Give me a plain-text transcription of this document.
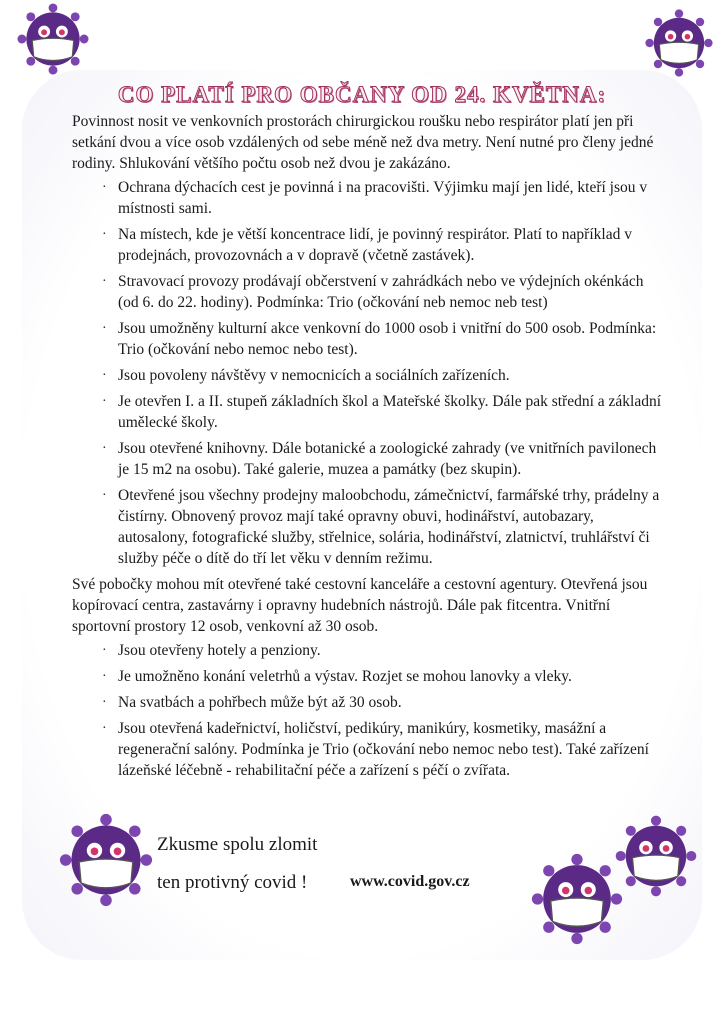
CO PLATÍ PRO OBČANY OD 24. KVĚTNA:

Povinnost nosit ve venkovních prostorách chirurgickou roušku nebo respirátor platí jen při setkání dvou a více osob vzdálených od sebe méně než dva metry. Není nutné pro členy jedné rodiny. Shlukování většího počtu osob než dvou je zakázáno.

· Ochrana dýchacích cest je povinná i na pracovišti. Výjimku mají jen lidé, kteří jsou v místnosti sami.
· Na místech, kde je větší koncentrace lidí, je povinný respirátor. Platí to například v prodejnách, provozovnách a v dopravě (včetně zastávek).
· Stravovací provozy prodávají občerstvení v zahrádkách nebo ve výdejních okénkách (od 6. do 22. hodiny). Podmínka: Trio (očkování neb nemoc neb test)
· Jsou umožněny kulturní akce venkovní do 1000 osob i vnitřní do 500 osob. Podmínka: Trio (očkování nebo nemoc nebo test).
· Jsou povoleny návštěvy v nemocnicích a sociálních zařízeních.
· Je otevřen I. a II. stupeň základních škol a Mateřské školky. Dále pak střední a základní umělecké školy.
· Jsou otevřené knihovny. Dále botanické a zoologické zahrady (ve vnitřních pavilonech je 15 m2 na osobu). Také galerie, muzea a památky (bez skupin).
· Otevřené jsou všechny prodejny maloobchodu, zámečnictví, farmářské trhy, prádelny a čistírny. Obnovený provoz mají také opravny obuvi, hodinářství, autobazary, autosalony, fotografické služby, střelnice, solária, hodinářství, zlatnictví, truhlářství či služby péče o dítě do tří let věku v denním režimu.

Své pobočky mohou mít otevřené také cestovní kanceláře a cestovní agentury. Otevřená jsou kopírovací centra, zastavárny i opravny hudebních nástrojů. Dále pak fitcentra. Vnitřní sportovní prostory 12 osob, venkovní až 30 osob.

· Jsou otevřeny hotely a penziony.
· Je umožněno konání veletrhů a výstav. Rozjet se mohou lanovky a vleky.
· Na svatbách a pohřbech může být až 30 osob.
· Jsou otevřená kadeřnictví, holičství, pedikúry, manikúry, kosmetiky, masážní a regenerační salóny. Podmínka je Trio (očkování nebo nemoc nebo test). Také zařízení lázeňské léčebně - rehabilitační péče a zařízení s péčí o zvířata.
Zkusme spolu zlomit
ten protivný covid !	www.covid.gov.cz
